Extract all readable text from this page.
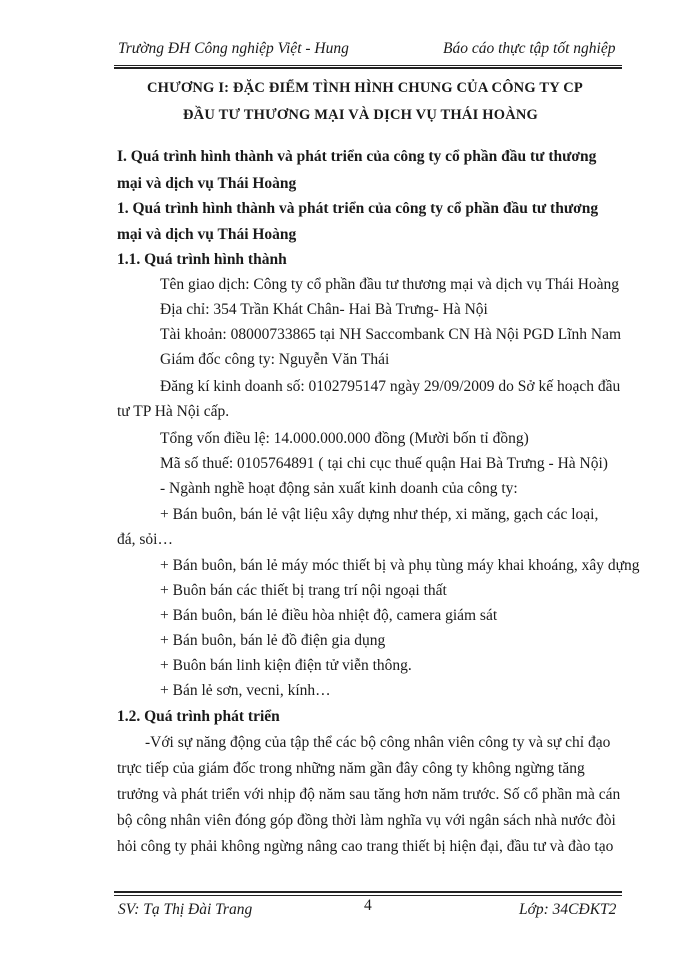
Trường ĐH Công nghiệp Việt - Hung	Báo cáo thực tập tốt nghiệp
CHƯƠNG I: ĐẶC ĐIỂM TÌNH HÌNH CHUNG CỦA CÔNG TY CP
ĐẦU TƯ THƯƠNG MẠI VÀ DỊCH VỤ THÁI HOÀNG
I. Quá trình hình thành và phát triển của công ty cổ phần đầu tư thương
mại và dịch vụ Thái Hoàng
1. Quá trình hình thành và phát triển của công ty cổ phần đầu tư thương
mại và dịch vụ Thái Hoàng
1.1. Quá trình hình thành
Tên giao dịch: Công ty cổ phần đầu tư thương mại và dịch vụ Thái Hoàng
Địa chỉ: 354 Trần Khát Chân- Hai Bà Trưng- Hà Nội
Tài khoản: 08000733865 tại NH Saccombank CN Hà Nội PGD Lĩnh Nam
Giám đốc công ty: Nguyễn Văn Thái
Đăng kí kinh doanh số: 0102795147 ngày 29/09/2009 do Sở kế hoạch đầu
tư TP Hà Nội cấp.
Tổng vốn điều lệ: 14.000.000.000 đồng (Mười bốn tỉ đồng)
Mã số thuế: 0105764891 ( tại chi cục thuế quận Hai Bà Trưng - Hà Nội)
- Ngành nghề hoạt động sản xuất kinh doanh của công ty:
+ Bán buôn, bán lẻ vật liệu xây dựng như thép, xi măng, gạch các loại,
đá, sỏi…
+ Bán buôn, bán lẻ máy móc thiết bị và phụ tùng máy khai khoáng, xây dựng
+ Buôn bán các thiết bị trang trí nội ngoại thất
+ Bán buôn, bán lẻ điều hòa nhiệt độ, camera giám sát
+ Bán buôn, bán lẻ đồ điện gia dụng
+ Buôn bán linh kiện điện tử viễn thông.
+ Bán lẻ sơn, vecni, kính…
1.2. Quá trình phát triển
-Với sự năng động của tập thể các bộ công nhân viên công ty và sự chỉ đạo
trực tiếp của giám đốc trong những năm gần đây công ty không ngừng tăng
trưởng và phát triển với nhịp độ năm sau tăng hơn năm trước. Số cổ phần mà cán
bộ công nhân viên đóng góp đồng thời làm nghĩa vụ với ngân sách nhà nước đòi
hỏi công ty phải không ngừng nâng cao trang thiết bị hiện đại, đầu tư và đào tạo
SV: Tạ Thị Đài Trang	4	Lớp: 34CĐKT2
